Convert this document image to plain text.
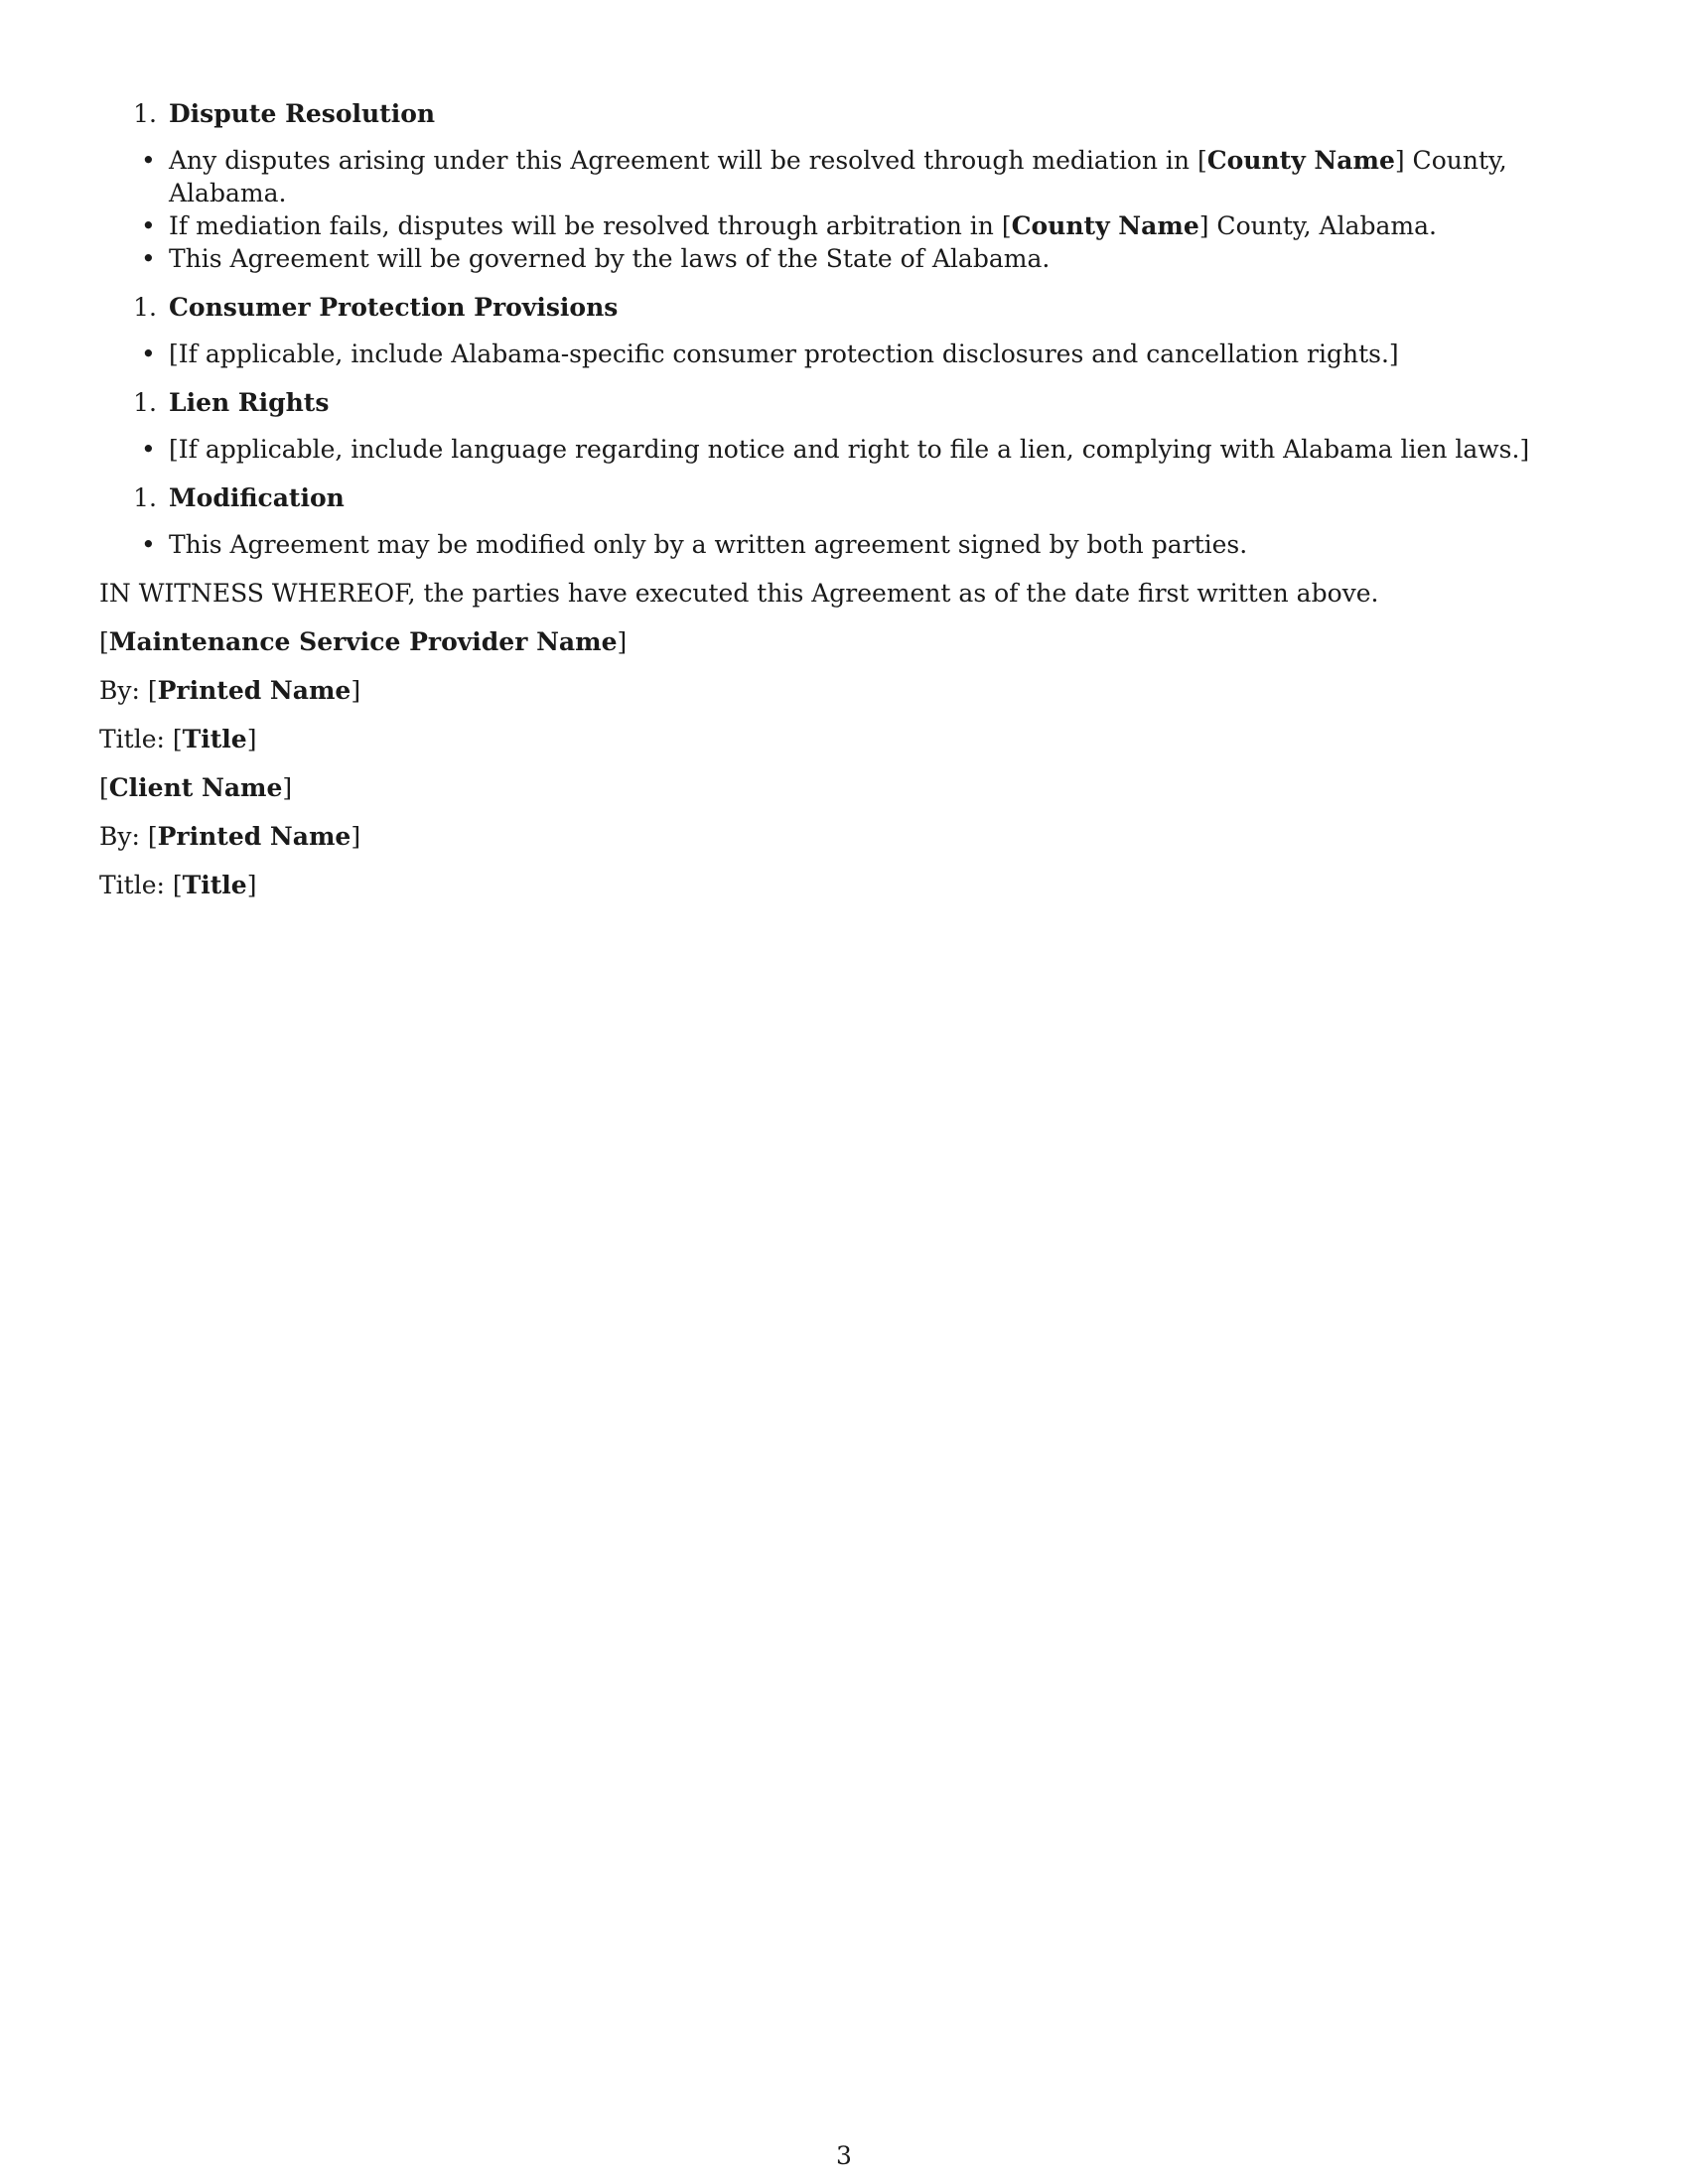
1. Dispute Resolution
• Any disputes arising under this Agreement will be resolved through mediation in [County Name] County, Alabama.
• If mediation fails, disputes will be resolved through arbitration in [County Name] County, Alabama.
• This Agreement will be governed by the laws of the State of Alabama.
1. Consumer Protection Provisions
• [If applicable, include Alabama-specific consumer protection disclosures and cancellation rights.]
1. Lien Rights
• [If applicable, include language regarding notice and right to file a lien, complying with Alabama lien laws.]
1. Modification
• This Agreement may be modified only by a written agreement signed by both parties.

IN WITNESS WHEREOF, the parties have executed this Agreement as of the date first written above.

[Maintenance Service Provider Name]

By: [Printed Name]

Title: [Title]

[Client Name]

By: [Printed Name]

Title: [Title]

3
